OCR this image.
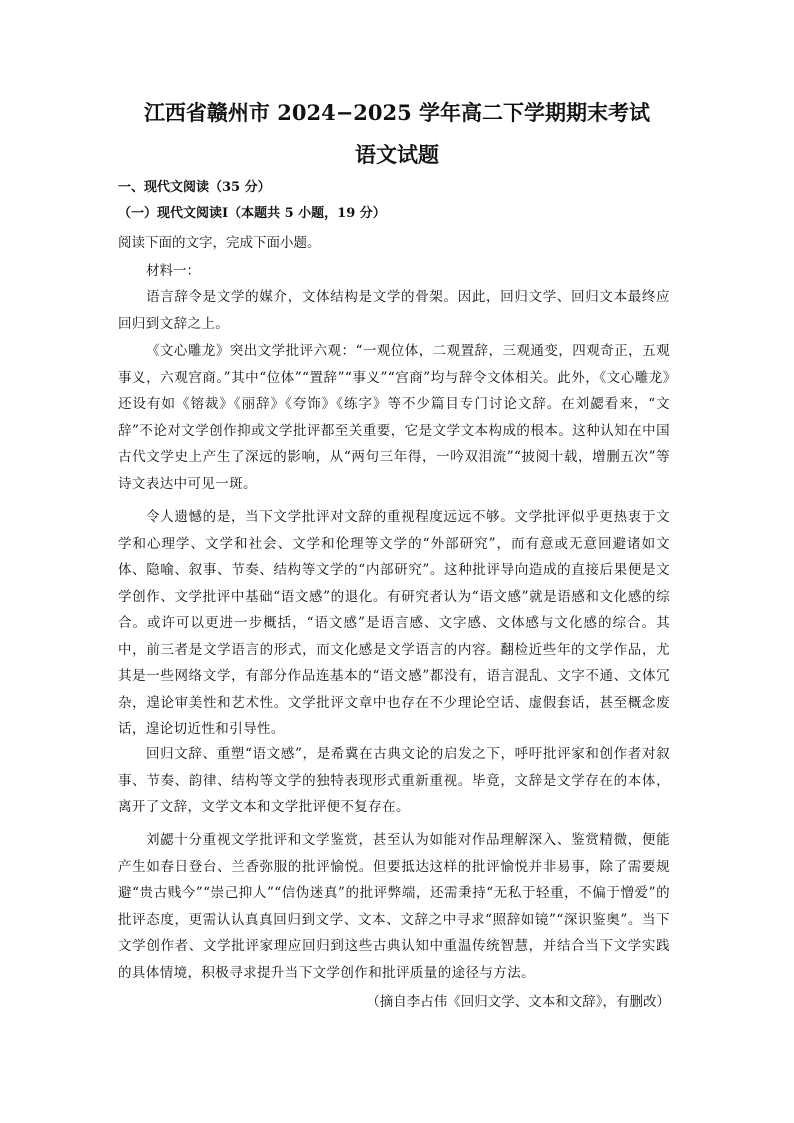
江西省赣州市 2024−2025 学年高二下学期期末考试
语文试题
一、现代文阅读（35 分）
（一）现代文阅读Ⅰ（本题共 5 小题，19 分）
阅读下面的文字，完成下面小题。
材料一：

语言辞令是文学的媒介，文体结构是文学的骨架。因此，回归文学、回归文本最终应回归到文辞之上。

《文心雕龙》突出文学批评六观：“一观位体，二观置辞，三观通变，四观奇正，五观事义，六观宫商。”其中“位体”“置辞”“事义”“宫商”均与辞令文体相关。此外，《文心雕龙》还设有如《镕裁》《丽辞》《夸饰》《练字》等不少篇目专门讨论文辞。在刘勰看来，“文辞”不论对文学创作抑或文学批评都至关重要，它是文学文本构成的根本。这种认知在中国古代文学史上产生了深远的影响，从“两句三年得，一吟双泪流”“披阅十载，增删五次”等诗文表达中可见一斑。

令人遗憾的是，当下文学批评对文辞的重视程度远远不够。文学批评似乎更热衷于文学和心理学、文学和社会、文学和伦理等文学的“外部研究”，而有意或无意回避诸如文体、隐喻、叙事、节奏、结构等文学的“内部研究”。这种批评导向造成的直接后果便是文学创作、文学批评中基础“语文感”的退化。有研究者认为“语文感”就是语感和文化感的综合。或许可以更进一步概括，“语文感”是语言感、文字感、文体感与文化感的综合。其中，前三者是文学语言的形式，而文化感是文学语言的内容。翻检近些年的文学作品，尤其是一些网络文学，有部分作品连基本的“语文感”都没有，语言混乱、文字不通、文体冗杂，遑论审美性和艺术性。文学批评文章中也存在不少理论空话、虚假套话，甚至概念废话，遑论切近性和引导性。

回归文辞、重塑“语文感”，是希冀在古典文论的启发之下，呼吁批评家和创作者对叙事、节奏、韵律、结构等文学的独特表现形式重新重视。毕竟，文辞是文学存在的本体，离开了文辞，文学文本和文学批评便不复存在。

刘勰十分重视文学批评和文学鉴赏，甚至认为如能对作品理解深入、鉴赏精微，便能产生如春日登台、兰香弥服的批评愉悦。但要抵达这样的批评愉悦并非易事，除了需要规避“贵古贱今”“崇己抑人”“信伪迷真”的批评弊端，还需秉持“无私于轻重，不偏于憎爱”的批评态度，更需认认真真回归到文学、文本、文辞之中寻求“照辞如镜”“深识鉴奥”。当下文学创作者、文学批评家理应回归到这些古典认知中重温传统智慧，并结合当下文学实践的具体情境，积极寻求提升当下文学创作和批评质量的途径与方法。

（摘自李占伟《回归文学、文本和文辞》，有删改）
